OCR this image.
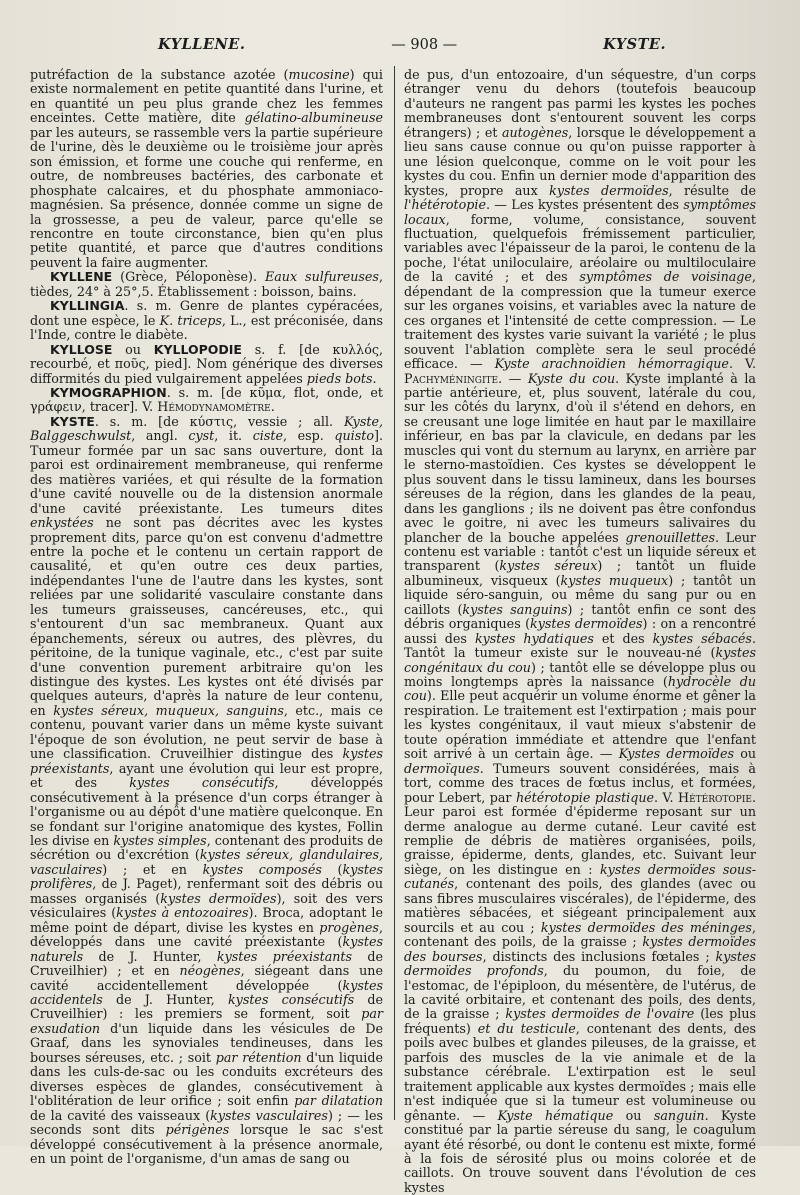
KYLLENE.	— 908 —	KYSTE.

putréfaction de la substance azotée (mucosine) qui existe normalement en petite quantité dans l'urine, et en quantité un peu plus grande chez les femmes enceintes. Cette matière, dite gélatino-albumineuse par les auteurs, se rassemble vers la partie supérieure de l'urine, dès le deuxième ou le troisième jour après son émission, et forme une couche qui renferme, en outre, de nombreuses bactéries, des carbonate et phosphate calcaires, et du phosphate ammoniaco-magnésien. Sa présence, donnée comme un signe de la grossesse, a peu de valeur, parce qu'elle se rencontre en toute circonstance, bien qu'en plus petite quantité, et parce que d'autres conditions peuvent la faire augmenter.

KYLLENE (Grèce, Péloponèse). Eaux sulfureuses, tièdes, 24° à 25°,5. Établissement : boisson, bains.

KYLLINGIA. s. m. Genre de plantes cypéracées, dont une espèce, le K. triceps, L., est préconisée, dans l'Inde, contre le diabète.

KYLLOSE ou KYLLOPODIE s. f. [de κυλλός, recourbé, et ποῦς, pied]. Nom générique des diverses difformités du pied vulgairement appelées pieds bots.

KYMOGRAPHION. s. m. [de κῦμα, flot, onde, et γράφειν, tracer]. V. Hémodynamomètre.

KYSTE. s. m. [de κύστις, vessie ; all. Kyste, Balggeschwulst, angl. cyst, it. ciste, esp. quisto]. Tumeur formée par un sac sans ouverture, dont la paroi est ordinairement membraneuse, qui renferme des matières variées, et qui résulte de la formation d'une cavité nouvelle ou de la distension anormale d'une cavité préexistante. Les tumeurs dites enkystées ne sont pas décrites avec les kystes proprement dits, parce qu'on est convenu d'admettre entre la poche et le contenu un certain rapport de causalité, et qu'en outre ces deux parties, indépendantes l'une de l'autre dans les kystes, sont reliées par une solidarité vasculaire constante dans les tumeurs graisseuses, cancéreuses, etc., qui s'entourent d'un sac membraneux. Quant aux épanchements, séreux ou autres, des plèvres, du péritoine, de la tunique vaginale, etc., c'est par suite d'une convention purement arbitraire qu'on les distingue des kystes. Les kystes ont été divisés par quelques auteurs, d'après la nature de leur contenu, en kystes séreux, muqueux, sanguins, etc., mais ce contenu, pouvant varier dans un même kyste suivant l'époque de son évolution, ne peut servir de base à une classification. Cruveilhier distingue des kystes préexistants, ayant une évolution qui leur est propre, et des kystes consécutifs, développés consécutivement à la présence d'un corps étranger à l'organisme ou au dépôt d'une matière quelconque. En se fondant sur l'origine anatomique des kystes, Follin les divise en kystes simples, contenant des produits de sécrétion ou d'excrétion (kystes séreux, glandulaires, vasculaires) ; et en kystes composés (kystes prolifères, de J. Paget), renfermant soit des débris ou masses organisés (kystes dermoïdes), soit des vers vésiculaires (kystes à entozoaires). Broca, adoptant le même point de départ, divise les kystes en progènes, développés dans une cavité préexistante (kystes naturels de J. Hunter, kystes préexistants de Cruveilhier) ; et en néogènes, siégeant dans une cavité accidentellement développée (kystes accidentels de J. Hunter, kystes consécutifs de Cruveilhier) : les premiers se forment, soit par exsudation d'un liquide dans les vésicules de De Graaf, dans les synoviales tendineuses, dans les bourses séreuses, etc. ; soit par rétention d'un liquide dans les culs-de-sac ou les conduits excréteurs des diverses espèces de glandes, consécutivement à l'oblitération de leur orifice ; soit enfin par dilatation de la cavité des vaisseaux (kystes vasculaires) ; — les seconds sont dits périgènes lorsque le sac s'est développé consécutivement à la présence anormale, en un point de l'organisme, d'un amas de sang ou

de pus, d'un entozoaire, d'un séquestre, d'un corps étranger venu du dehors (toutefois beaucoup d'auteurs ne rangent pas parmi les kystes les poches membraneuses dont s'entourent souvent les corps étrangers) ; et autogènes, lorsque le développement a lieu sans cause connue ou qu'on puisse rapporter à une lésion quelconque, comme on le voit pour les kystes du cou. Enfin un dernier mode d'apparition des kystes, propre aux kystes dermoïdes, résulte de l'hétérotopie. — Les kystes présentent des symptômes locaux, forme, volume, consistance, souvent fluctuation, quelquefois frémissement particulier, variables avec l'épaisseur de la paroi, le contenu de la poche, l'état uniloculaire, aréolaire ou multiloculaire de la cavité ; et des symptômes de voisinage, dépendant de la compression que la tumeur exerce sur les organes voisins, et variables avec la nature de ces organes et l'intensité de cette compression. — Le traitement des kystes varie suivant la variété ; le plus souvent l'ablation complète sera le seul procédé efficace. — Kyste arachnoïdien hémorragique. V. Pachyméningite. — Kyste du cou. Kyste implanté à la partie antérieure, et, plus souvent, latérale du cou, sur les côtés du larynx, d'où il s'étend en dehors, en se creusant une loge limitée en haut par le maxillaire inférieur, en bas par la clavicule, en dedans par les muscles qui vont du sternum au larynx, en arrière par le sterno-mastoïdien. Ces kystes se développent le plus souvent dans le tissu lamineux, dans les bourses séreuses de la région, dans les glandes de la peau, dans les ganglions ; ils ne doivent pas être confondus avec le goitre, ni avec les tumeurs salivaires du plancher de la bouche appelées grenouillettes. Leur contenu est variable : tantôt c'est un liquide séreux et transparent (kystes séreux) ; tantôt un fluide albumineux, visqueux (kystes muqueux) ; tantôt un liquide séro-sanguin, ou même du sang pur ou en caillots (kystes sanguins) ; tantôt enfin ce sont des débris organiques (kystes dermoïdes) : on a rencontré aussi des kystes hydatiques et des kystes sébacés. Tantôt la tumeur existe sur le nouveau-né (kystes congénitaux du cou) ; tantôt elle se développe plus ou moins longtemps après la naissance (hydrocèle du cou). Elle peut acquérir un volume énorme et gêner la respiration. Le traitement est l'extirpation ; mais pour les kystes congénitaux, il vaut mieux s'abstenir de toute opération immédiate et attendre que l'enfant soit arrivé à un certain âge. — Kystes dermoïdes ou dermoïques. Tumeurs souvent considérées, mais à tort, comme des traces de fœtus inclus, et formées, pour Lebert, par hétérotopie plastique. V. Hétérotopie. Leur paroi est formée d'épiderme reposant sur un derme analogue au derme cutané. Leur cavité est remplie de débris de matières organisées, poils, graisse, épiderme, dents, glandes, etc. Suivant leur siège, on les distingue en : kystes dermoïdes sous-cutanés, contenant des poils, des glandes (avec ou sans fibres musculaires viscérales), de l'épiderme, des matières sébacées, et siégeant principalement aux sourcils et au cou ; kystes dermoïdes des méninges, contenant des poils, de la graisse ; kystes dermoïdes des bourses, distincts des inclusions fœtales ; kystes dermoïdes profonds, du poumon, du foie, de l'estomac, de l'épiploon, du mésentère, de l'utérus, de la cavité orbitaire, et contenant des poils, des dents, de la graisse ; kystes dermoïdes de l'ovaire (les plus fréquents) et du testicule, contenant des dents, des poils avec bulbes et glandes pileuses, de la graisse, et parfois des muscles de la vie animale et de la substance cérébrale. L'extirpation est le seul traitement applicable aux kystes dermoïdes ; mais elle n'est indiquée que si la tumeur est volumineuse ou gênante. — Kyste hématique ou sanguin. Kyste constitué par la partie séreuse du sang, le coagulum ayant été résorbé, ou dont le contenu est mixte, formé à la fois de sérosité plus ou moins colorée et de caillots. On trouve souvent dans l'évolution de ces kystes
